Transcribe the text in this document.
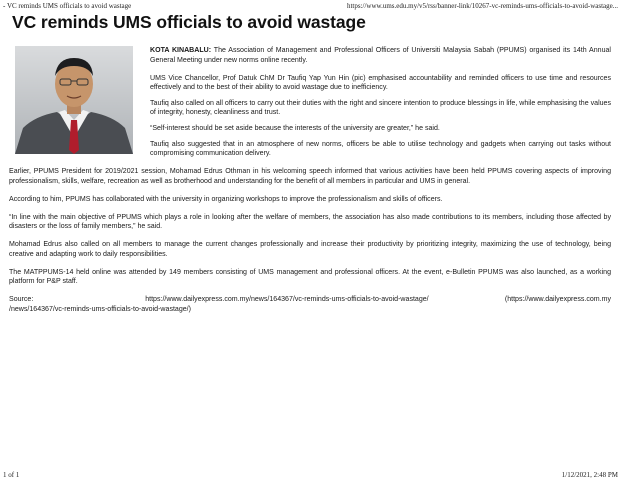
- VC reminds UMS officials to avoid wastage	https://www.ums.edu.my/v5/rss/banner-link/10267-vc-reminds-ums-officials-to-avoid-wastage...
VC reminds UMS officials to avoid wastage

KOTA KINABALU: The Association of Management and Professional Officers of Universiti Malaysia Sabah (PPUMS) organised its 14th Annual General Meeting under new norms online recently.

UMS Vice Chancellor, Prof Datuk ChM Dr Taufiq Yap Yun Hin (pic) emphasised accountability and reminded officers to use time and resources effectively and to the best of their ability to avoid wastage due to inefficiency.

Taufiq also called on all officers to carry out their duties with the right and sincere intention to produce blessings in life, while emphasising the values of integrity, honesty, cleanliness and trust.

“Self-interest should be set aside because the interests of the university are greater,” he said.

Taufiq also suggested that in an atmosphere of new norms, officers be able to utilise technology and gadgets when carrying out tasks without compromising communication delivery.

Earlier, PPUMS President for 2019/2021 session, Mohamad Edrus Othman in his welcoming speech informed that various activities have been held PPUMS covering aspects of improving professionalism, skills, welfare, recreation as well as brotherhood and understanding for the benefit of all members in particular and UMS in general.

According to him, PPUMS has collaborated with the university in organizing workshops to improve the professionalism and skills of officers.

“In line with the main objective of PPUMS which plays a role in looking after the welfare of members, the association has also made contributions to its members, including those affected by disasters or the loss of family members,” he said.

Mohamad Edrus also called on all members to manage the current changes professionally and increase their productivity by prioritizing integrity, maximizing the use of technology, being creative and adapting work to daily responsibilities.

The MATPPUMS-14 held online was attended by 149 members consisting of UMS management and professional officers. At the event, e-Bulletin PPUMS was also launched, as a working platform for P&P staff.

Source:	https://www.dailyexpress.com.my/news/164367/vc-reminds-ums-officials-to-avoid-wastage/	(https://www.dailyexpress.com.my
/news/164367/vc-reminds-ums-officials-to-avoid-wastage/)
1 of 1	1/12/2021, 2:48 PM
